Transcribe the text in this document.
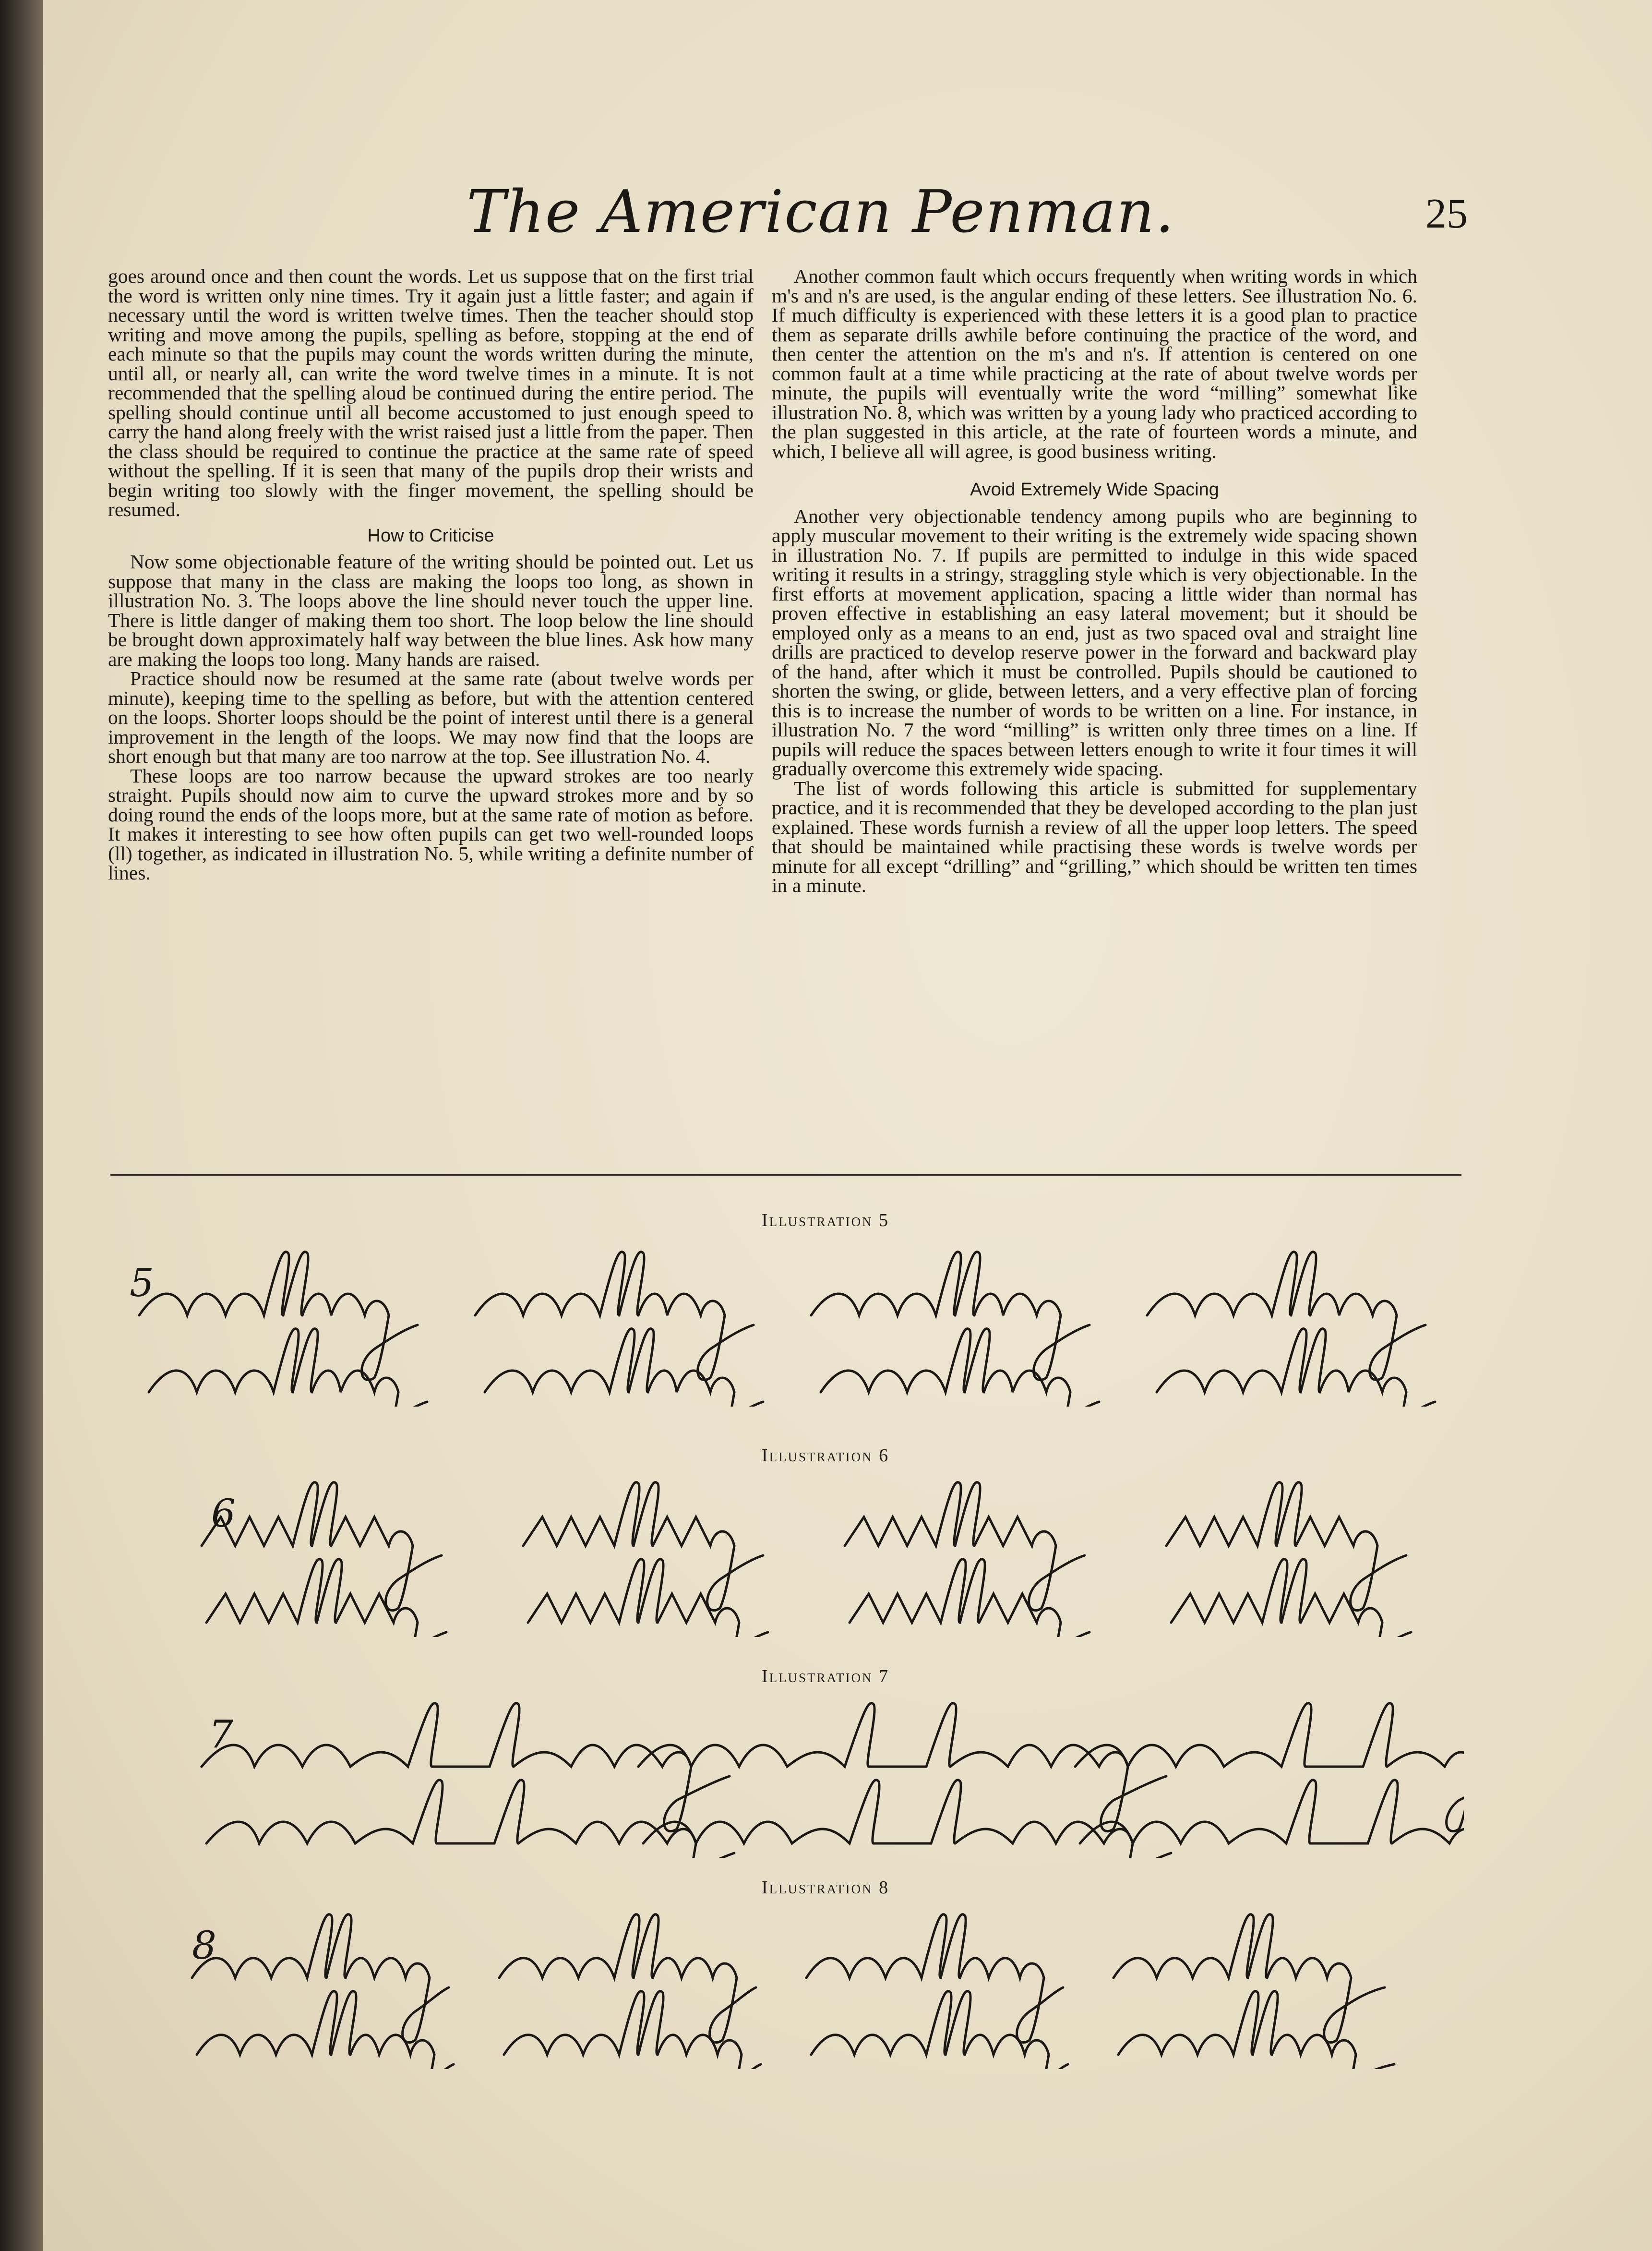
The American Penman.	25

goes around once and then count the words. Let us suppose that on the first trial the word is written only nine times. Try it again just a little faster; and again if necessary until the word is written twelve times. Then the teacher should stop writing and move among the pupils, spelling as before, stopping at the end of each minute so that the pupils may count the words written during the minute, until all, or nearly all, can write the word twelve times in a minute. It is not recommended that the spelling aloud be continued during the entire period. The spelling should continue until all become accustomed to just enough speed to carry the hand along freely with the wrist raised just a little from the paper. Then the class should be required to continue the practice at the same rate of speed without the spelling. If it is seen that many of the pupils drop their wrists and begin writing too slowly with the finger movement, the spelling should be resumed.

How to Criticise

Now some objectionable feature of the writing should be pointed out. Let us suppose that many in the class are making the loops too long, as shown in illustration No. 3. The loops above the line should never touch the upper line. There is little danger of making them too short. The loop below the line should be brought down approximately half way between the blue lines. Ask how many are making the loops too long. Many hands are raised.

Practice should now be resumed at the same rate (about twelve words per minute), keeping time to the spelling as before, but with the attention centered on the loops. Shorter loops should be the point of interest until there is a general improvement in the length of the loops. We may now find that the loops are short enough but that many are too narrow at the top. See illustration No. 4.

These loops are too narrow because the upward strokes are too nearly straight. Pupils should now aim to curve the upward strokes more and by so doing round the ends of the loops more, but at the same rate of motion as before. It makes it interesting to see how often pupils can get two well-rounded loops (ll) together, as indicated in illustration No. 5, while writing a definite number of lines.

Another common fault which occurs frequently when writing words in which m's and n's are used, is the angular ending of these letters. See illustration No. 6. If much difficulty is experienced with these letters it is a good plan to practice them as separate drills awhile before continuing the practice of the word, and then center the attention on the m's and n's. If attention is centered on one common fault at a time while practicing at the rate of about twelve words per minute, the pupils will eventually write the word “milling” somewhat like illustration No. 8, which was written by a young lady who practiced according to the plan suggested in this article, at the rate of fourteen words a minute, and which, I believe all will agree, is good business writing.

Avoid Extremely Wide Spacing

Another very objectionable tendency among pupils who are beginning to apply muscular movement to their writing is the extremely wide spacing shown in illustration No. 7. If pupils are permitted to indulge in this wide spaced writing it results in a stringy, straggling style which is very objectionable. In the first efforts at movement application, spacing a little wider than normal has proven effective in establishing an easy lateral movement; but it should be employed only as a means to an end, just as two spaced oval and straight line drills are practiced to develop reserve power in the forward and backward play of the hand, after which it must be controlled. Pupils should be cautioned to shorten the swing, or glide, between letters, and a very effective plan of forcing this is to increase the number of words to be written on a line. For instance, in illustration No. 7 the word “milling” is written only three times on a line. If pupils will reduce the spaces between letters enough to write it four times it will gradually overcome this extremely wide spacing.

The list of words following this article is submitted for supplementary practice, and it is recommended that they be developed according to the plan just explained. These words furnish a review of all the upper loop letters. The speed that should be maintained while practising these words is twelve words per minute for all except “drilling” and “grilling,” which should be written ten times in a minute.

Illustration 5
5
Illustration 6
6
Illustration 7
7
Illustration 8
8
